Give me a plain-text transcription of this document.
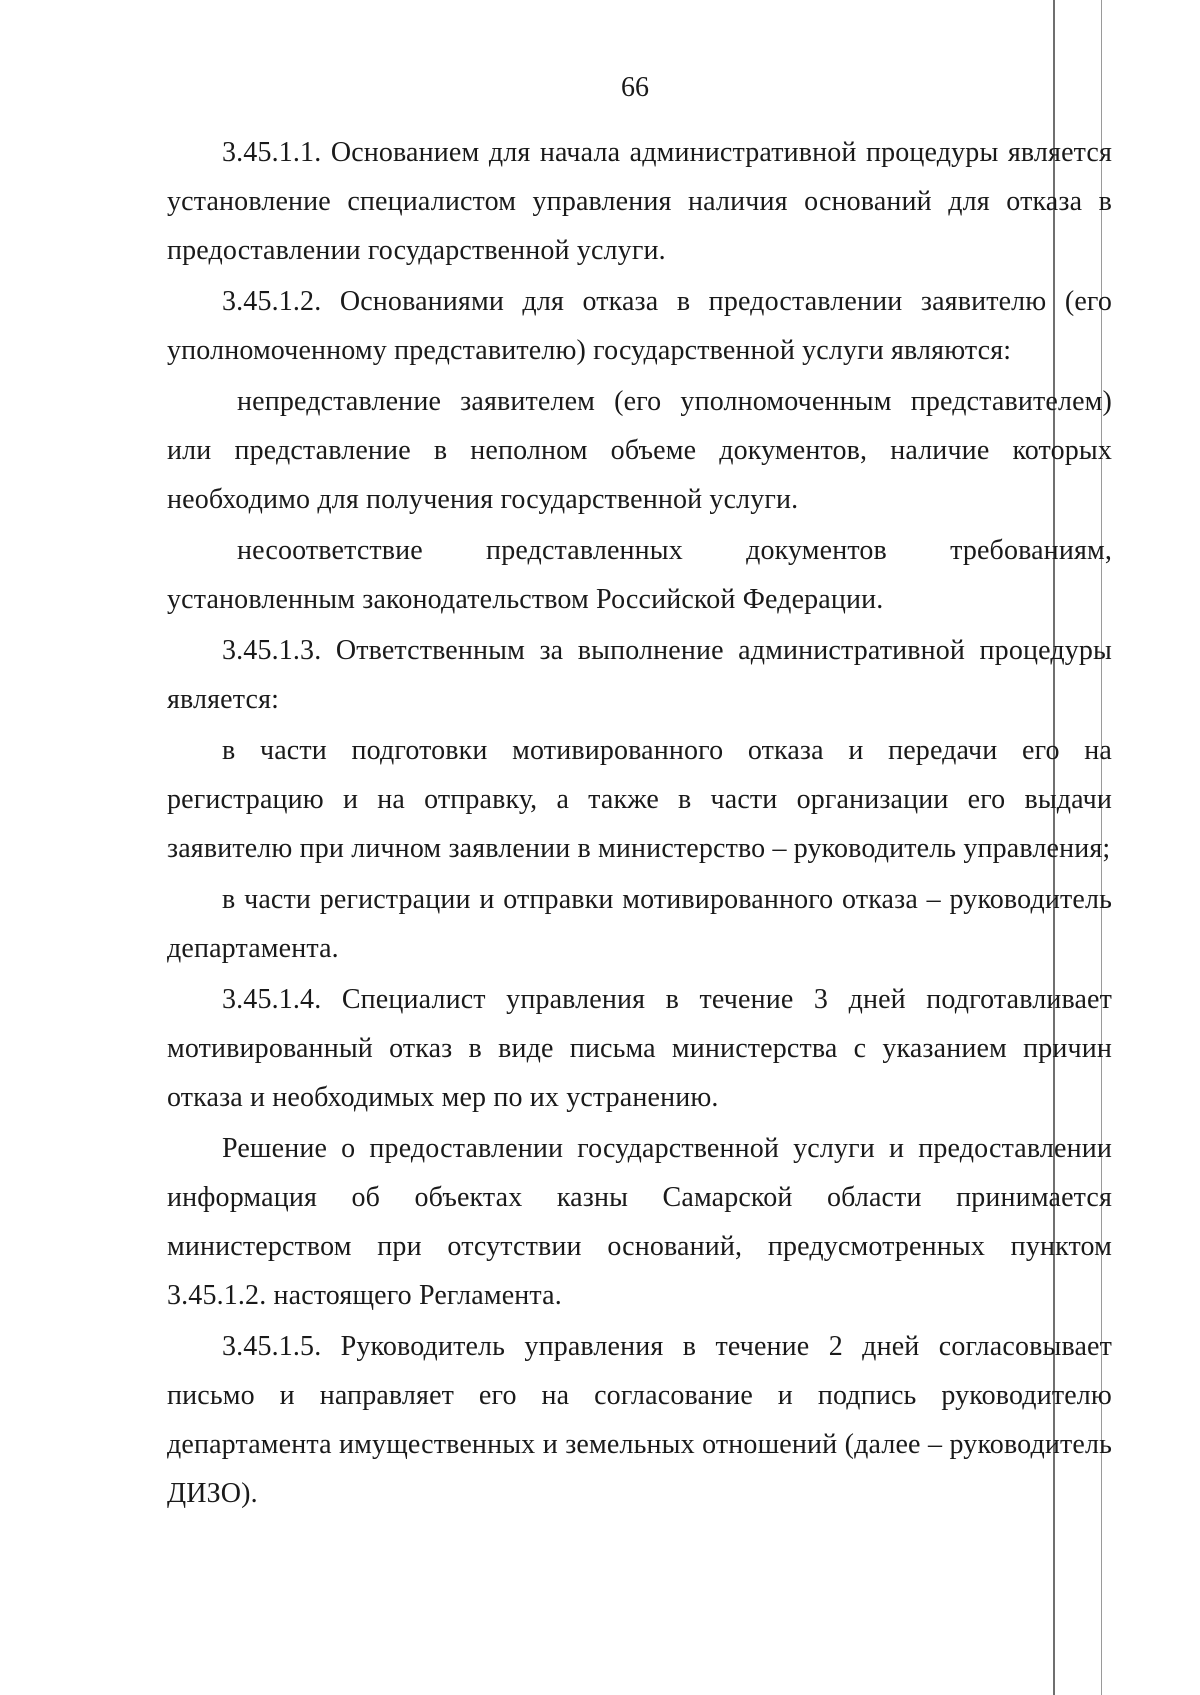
66

3.45.1.1. Основанием для начала административной процедуры является установление специалистом управления наличия оснований для отказа в предоставлении государственной услуги.

3.45.1.2. Основаниями для отказа в предоставлении заявителю (его уполномоченному представителю) государственной услуги являются:

непредставление заявителем (его уполномоченным представителем) или представление в неполном объеме документов, наличие которых необходимо для получения государственной услуги.

несоответствие представленных документов требованиям, установленным законодательством Российской Федерации.

3.45.1.3. Ответственным за выполнение административной процедуры является:

в части подготовки мотивированного отказа и передачи его на регистрацию и на отправку, а также в части организации его выдачи заявителю при личном заявлении в министерство – руководитель управления;

в части регистрации и отправки мотивированного отказа – руководитель департамента.

3.45.1.4. Специалист управления в течение 3 дней подготавливает мотивированный отказ в виде письма министерства с указанием причин отказа и необходимых мер по их устранению.

Решение о предоставлении государственной услуги и предоставлении информация об объектах казны Самарской области принимается министерством при отсутствии оснований, предусмотренных пунктом 3.45.1.2. настоящего Регламента.

3.45.1.5. Руководитель управления в течение 2 дней согласовывает письмо и направляет его на согласование и подпись руководителю департамента имущественных и земельных отношений (далее – руководитель ДИЗО).
